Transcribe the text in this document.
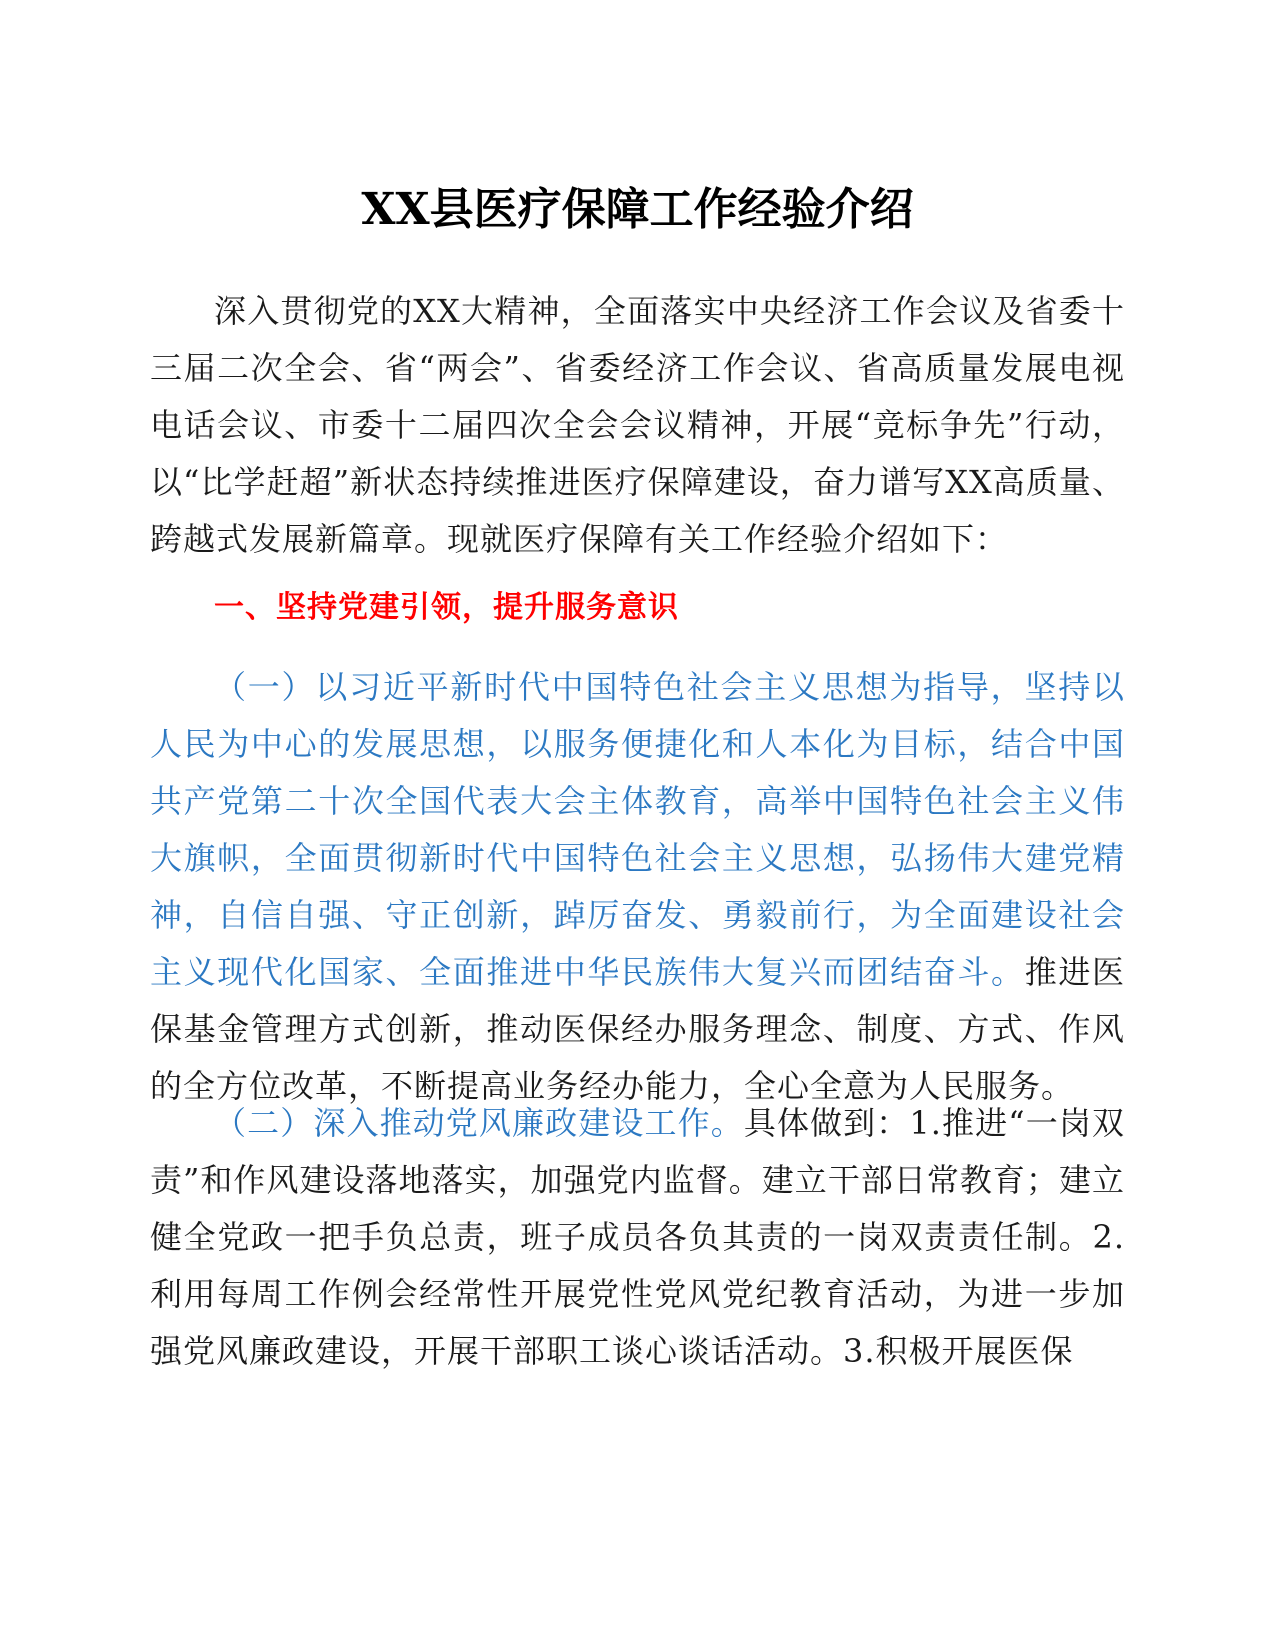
XX县医疗保障工作经验介绍

深入贯彻党的XX大精神，全面落实中央经济工作会议及省委十三届二次全会、省“两会”、省委经济工作会议、省高质量发展电视电话会议、市委十二届四次全会会议精神，开展“竞标争先”行动，以“比学赶超”新状态持续推进医疗保障建设，奋力谱写XX高质量、跨越式发展新篇章。现就医疗保障有关工作经验介绍如下：

一、坚持党建引领，提升服务意识

（一）以习近平新时代中国特色社会主义思想为指导，坚持以人民为中心的发展思想，以服务便捷化和人本化为目标，结合中国共产党第二十次全国代表大会主体教育，高举中国特色社会主义伟大旗帜，全面贯彻新时代中国特色社会主义思想，弘扬伟大建党精神，自信自强、守正创新，踔厉奋发、勇毅前行，为全面建设社会主义现代化国家、全面推进中华民族伟大复兴而团结奋斗。推进医保基金管理方式创新，推动医保经办服务理念、制度、方式、作风的全方位改革，不断提高业务经办能力，全心全意为人民服务。

（二）深入推动党风廉政建设工作。具体做到：1.推进“一岗双责”和作风建设落地落实，加强党内监督。建立干部日常教育；建立健全党政一把手负总责，班子成员各负其责的一岗双责责任制。2.利用每周工作例会经常性开展党性党风党纪教育活动，为进一步加强党风廉政建设，开展干部职工谈心谈话活动。3.积极开展医保
